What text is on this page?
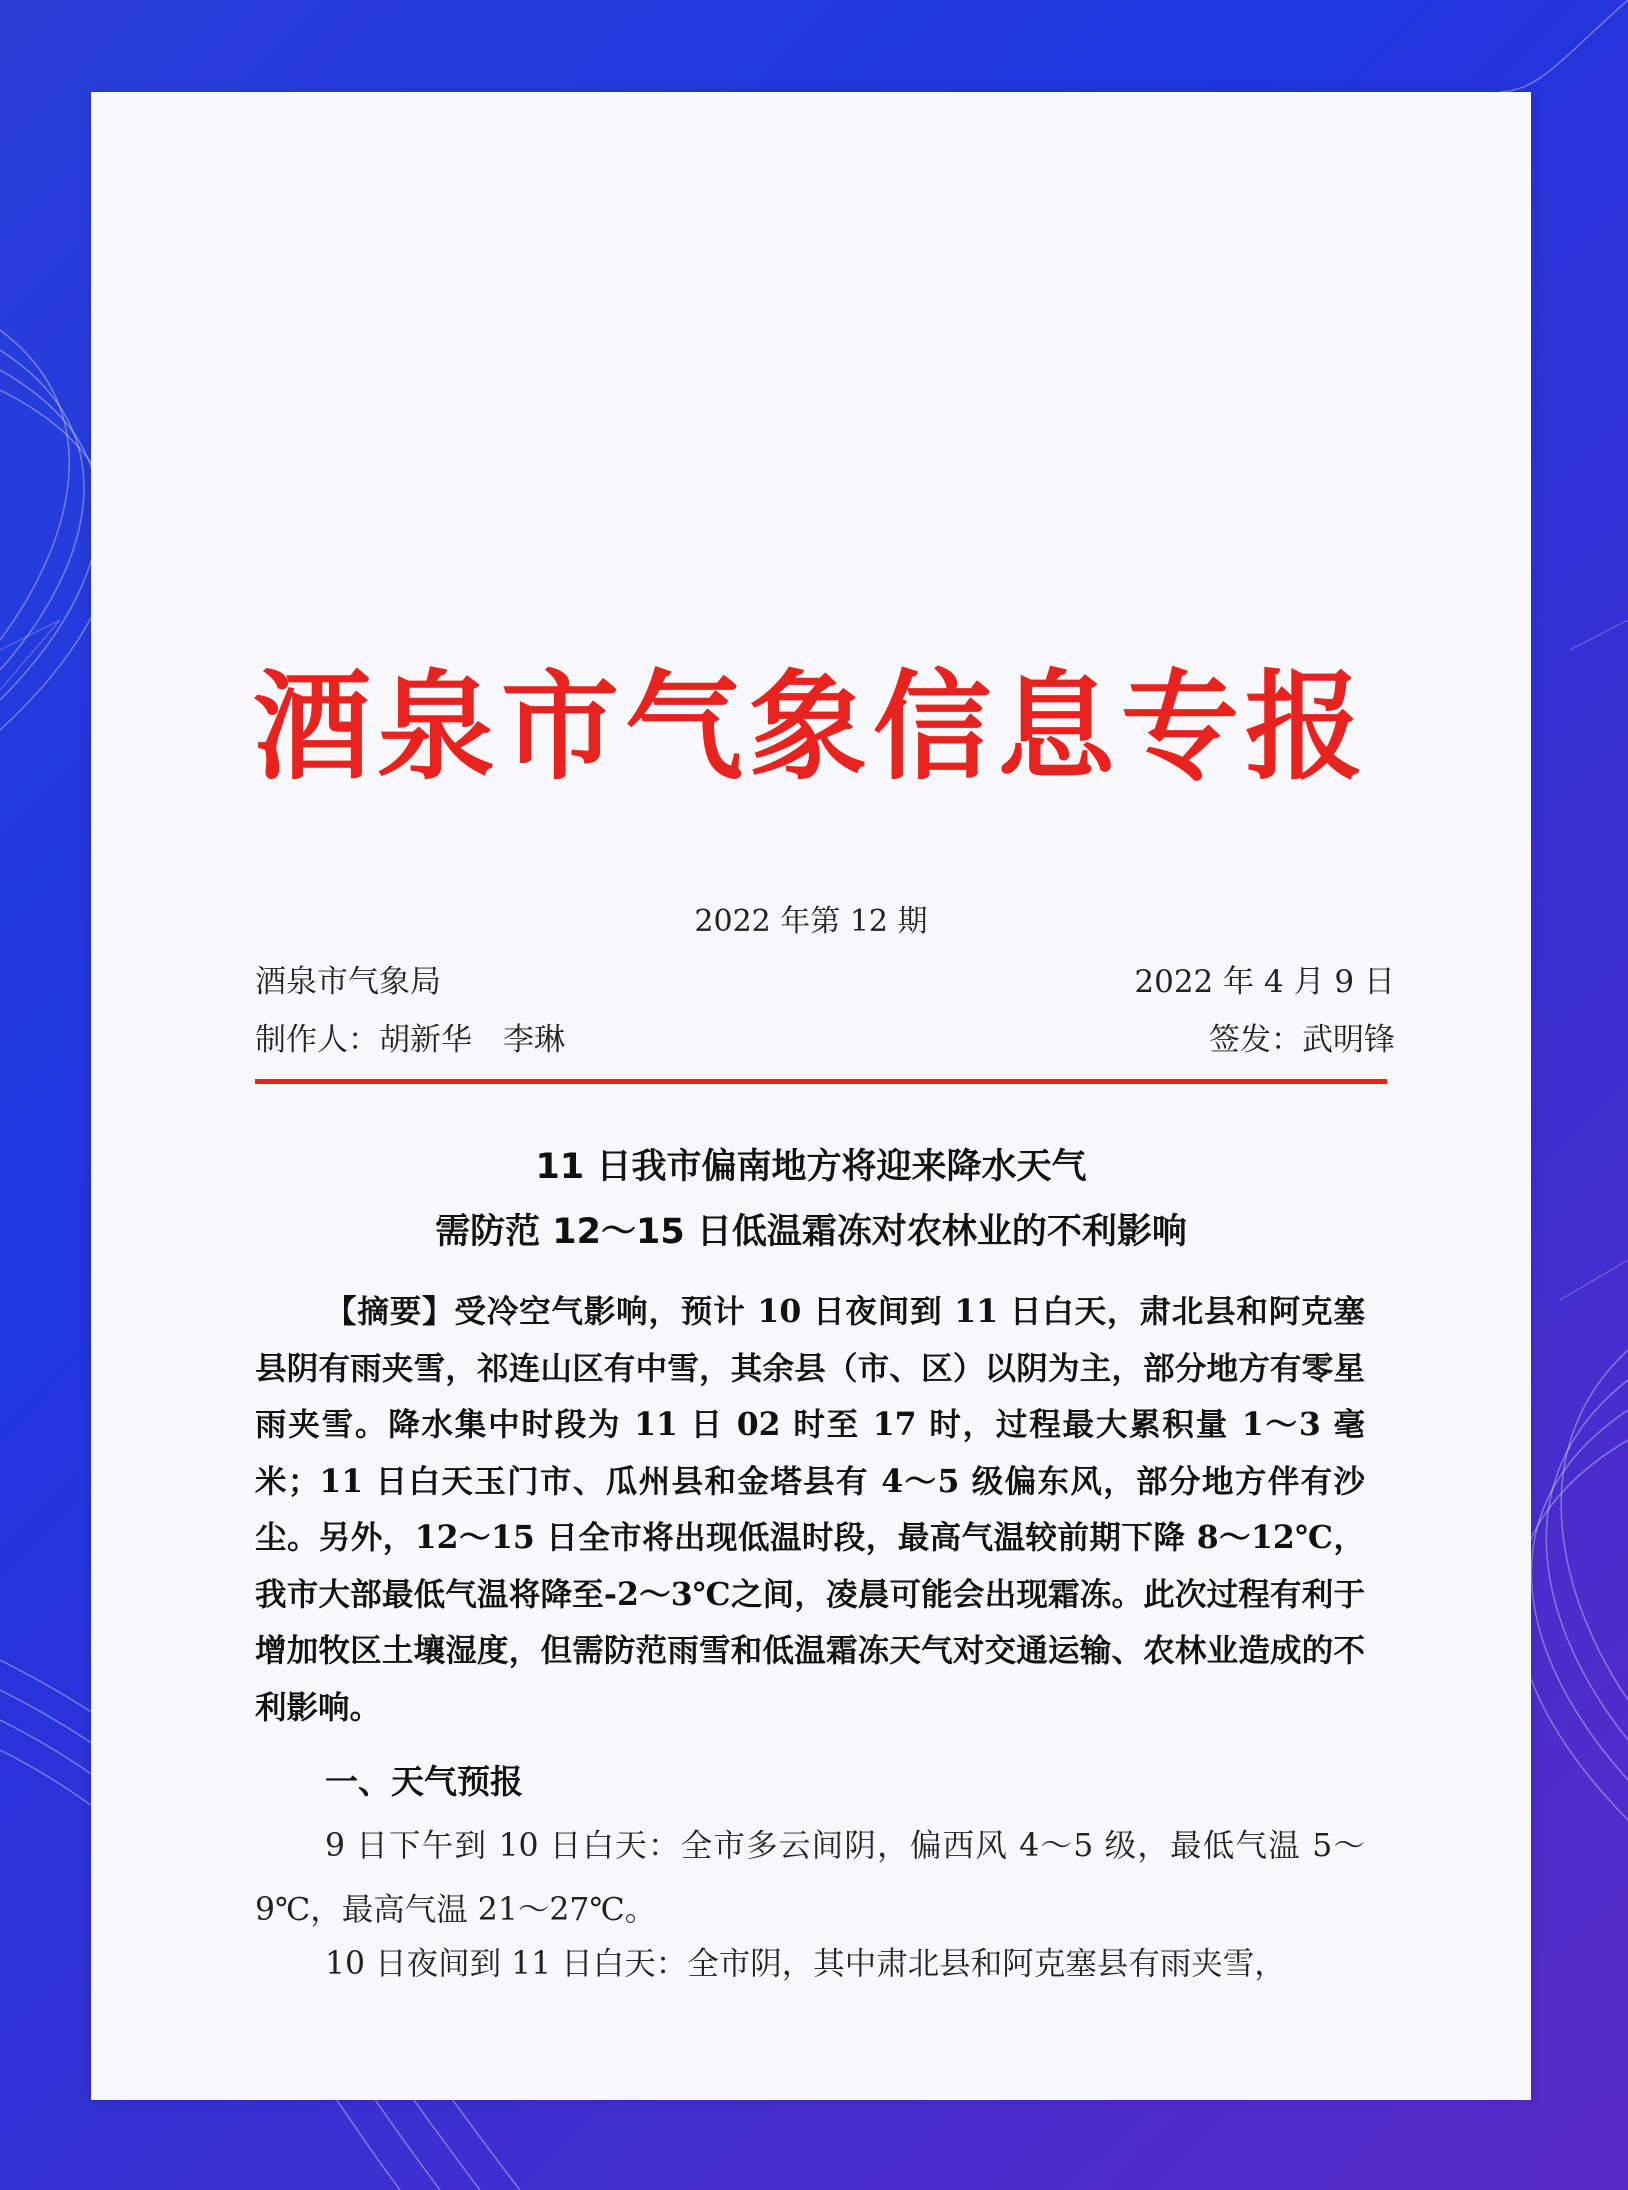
酒泉市气象信息专报
2022 年第 12 期
酒泉市气象局	2022 年 4 月 9 日
制作人：胡新华　李琳	签发：武明锋
11 日我市偏南地方将迎来降水天气
需防范 12～15 日低温霜冻对农林业的不利影响

【摘要】受冷空气影响，预计 10 日夜间到 11 日白天，肃北县和阿克塞县阴有雨夹雪，祁连山区有中雪，其余县（市、区）以阴为主，部分地方有零星雨夹雪。降水集中时段为 11 日 02 时至 17 时，过程最大累积量 1～3 毫米；11 日白天玉门市、瓜州县和金塔县有 4～5 级偏东风，部分地方伴有沙尘。另外，12～15 日全市将出现低温时段，最高气温较前期下降 8～12℃，我市大部最低气温将降至-2～3℃之间，凌晨可能会出现霜冻。此次过程有利于增加牧区土壤湿度，但需防范雨雪和低温霜冻天气对交通运输、农林业造成的不利影响。

一、天气预报

9 日下午到 10 日白天：全市多云间阴，偏西风 4～5 级，最低气温 5～9℃，最高气温 21～27℃。

10 日夜间到 11 日白天：全市阴，其中肃北县和阿克塞县有雨夹雪，
